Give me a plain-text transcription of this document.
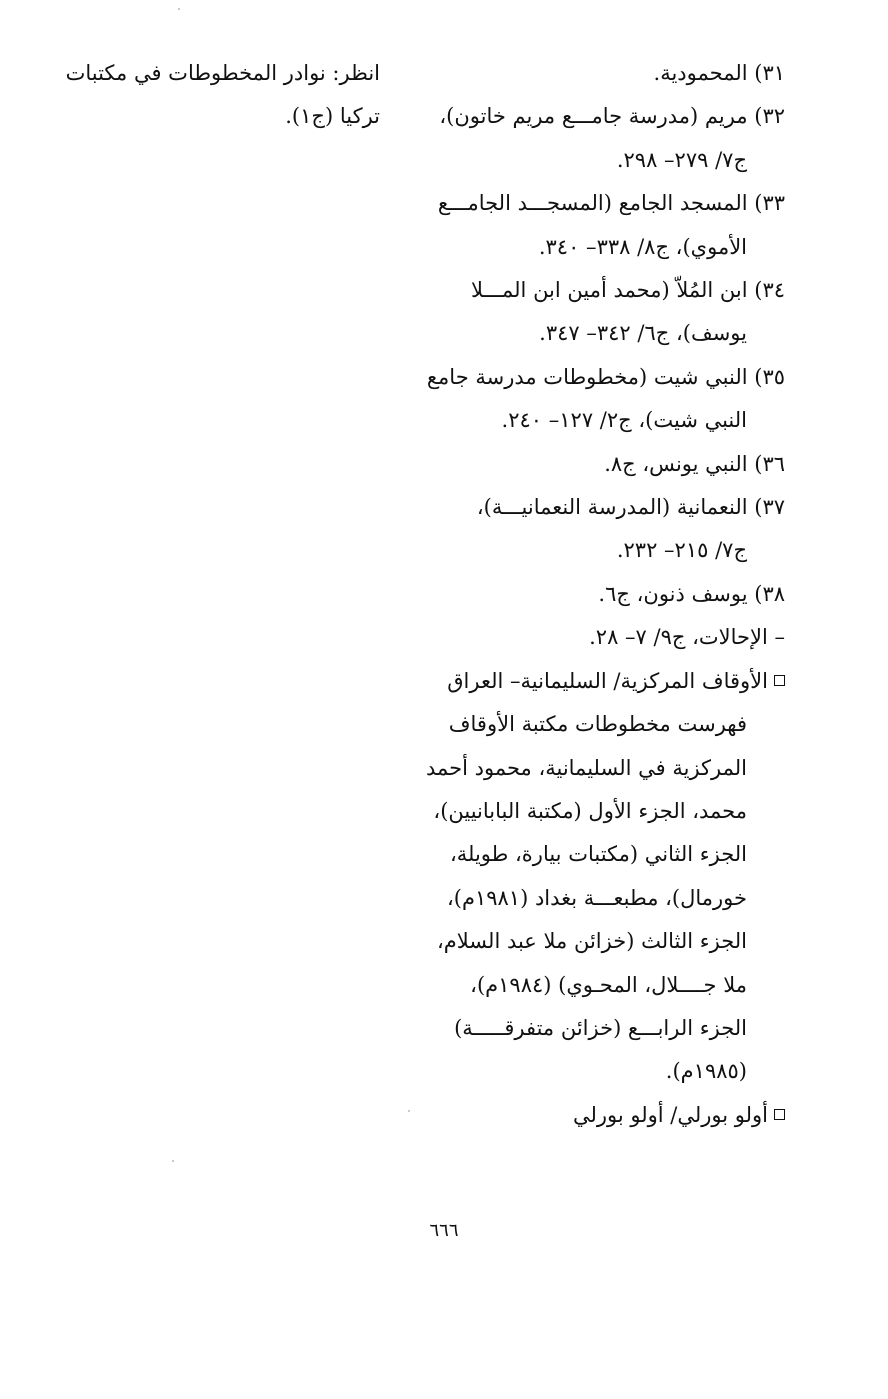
٣١) المحمودية.
٣٢) مريم (مدرسة جامـــع مريم خاتون)،
ج٧/ ٢٧٩– ٢٩٨.
٣٣) المسجد الجامع (المسجـــد الجامـــع
الأموي)، ج٨/ ٣٣٨– ٣٤٠.
٣٤) ابن المُلاّ (محمد أمين ابن المـــلا
يوسف)، ج٦/ ٣٤٢– ٣٤٧.
٣٥) النبي شيت (مخطوطات مدرسة جامع
النبي شيت)، ج٢/ ١٢٧– ٢٤٠.
٣٦) النبي يونس، ج٨.
٣٧) النعمانية (المدرسة النعمانيـــة)،
ج٧/ ٢١٥– ٢٣٢.
٣٨) يوسف ذنون، ج٦.
– الإحالات، ج٩/ ٧– ٢٨.
الأوقاف المركزية/ السليمانية– العراق
فهرست مخطوطات مكتبة الأوقاف
المركزية في السليمانية، محمود أحمد
محمد، الجزء الأول (مكتبة البابانيين)،
الجزء الثاني (مكتبات بيارة، طويلة،
خورمال)، مطبعـــة بغداد (١٩٨١م)،
الجزء الثالث (خزائن ملا عبد السلام،
ملا جــــلال، المحـوي) (١٩٨٤م)،
الجزء الرابـــع (خزائن متفرقـــــة)
(١٩٨٥م).
أولو بورلي/ أولو بورلي
انظر: نوادر المخطوطات في مكتبات
تركيا (ج١).
٦٦٦
